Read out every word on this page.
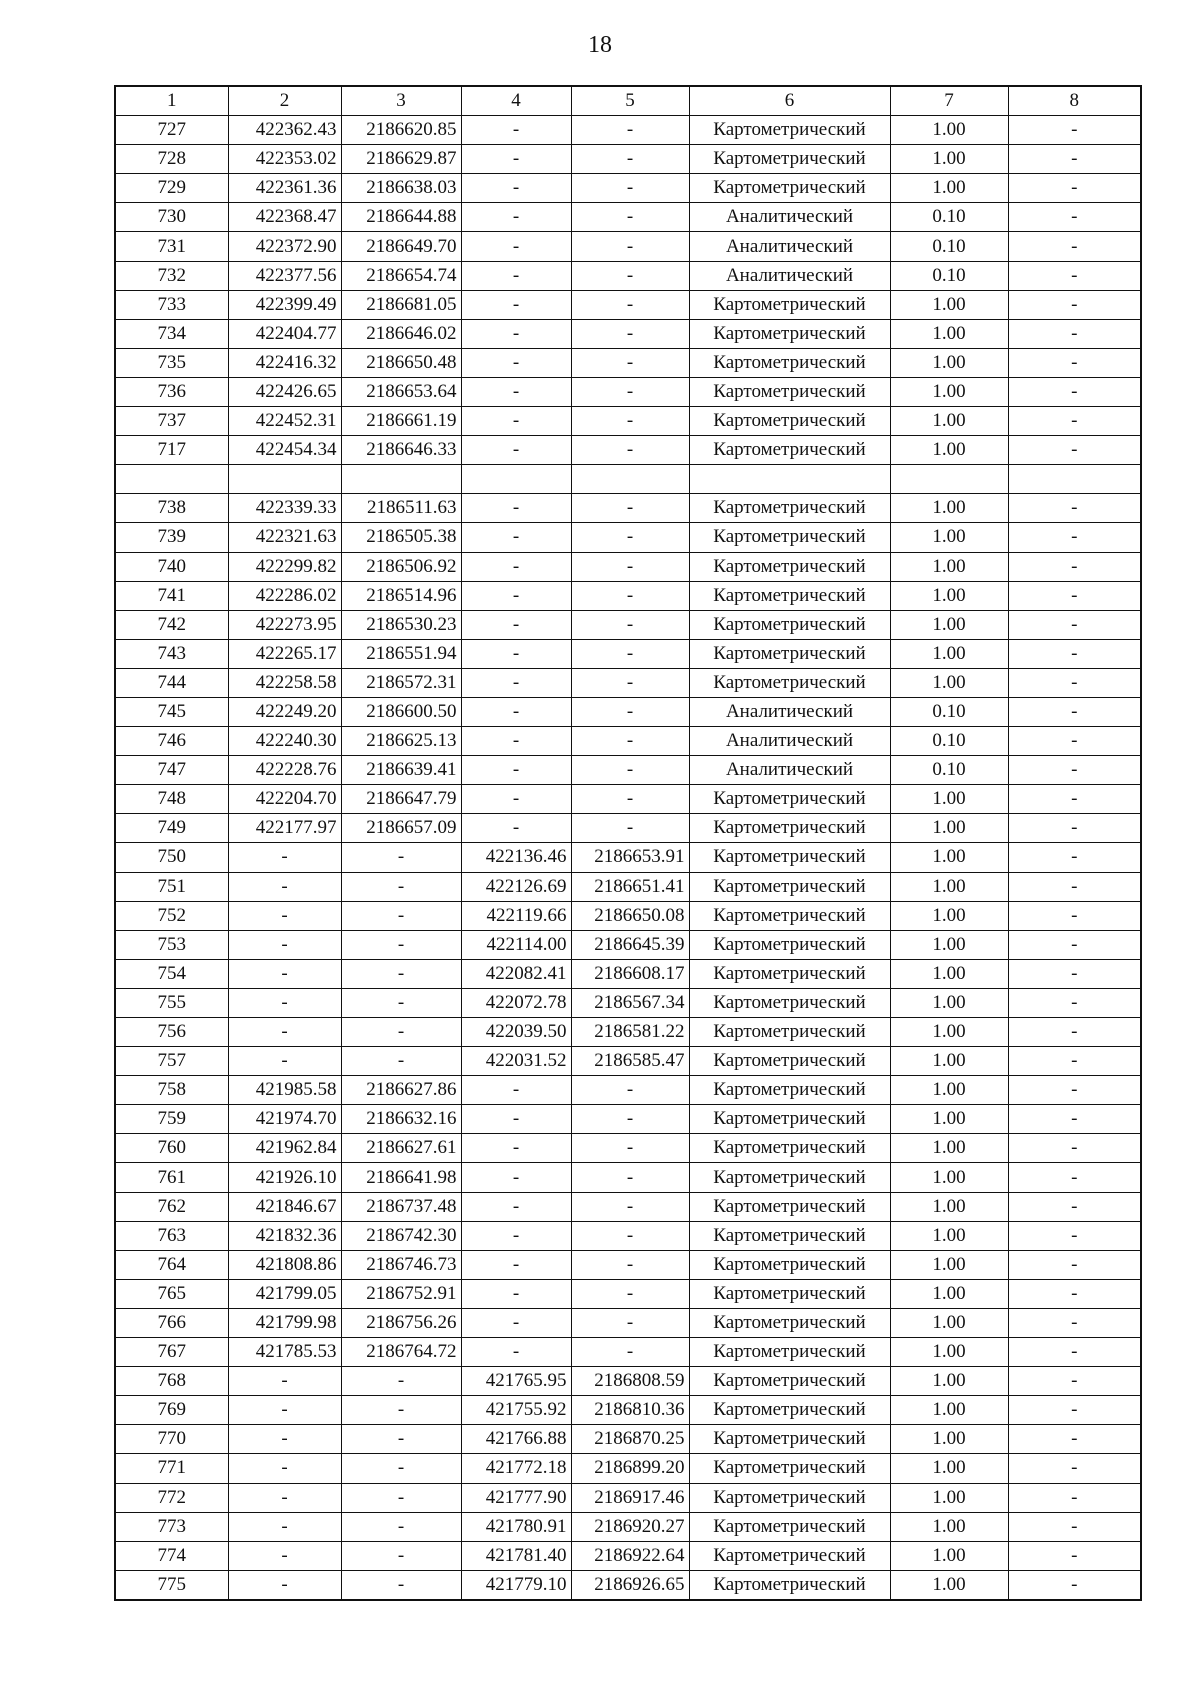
18
1	2	3	4	5	6	7	8
727	422362.43	2186620.85	-	-	Картометрический	1.00	-
728	422353.02	2186629.87	-	-	Картометрический	1.00	-
729	422361.36	2186638.03	-	-	Картометрический	1.00	-
730	422368.47	2186644.88	-	-	Аналитический	0.10	-
731	422372.90	2186649.70	-	-	Аналитический	0.10	-
732	422377.56	2186654.74	-	-	Аналитический	0.10	-
733	422399.49	2186681.05	-	-	Картометрический	1.00	-
734	422404.77	2186646.02	-	-	Картометрический	1.00	-
735	422416.32	2186650.48	-	-	Картометрический	1.00	-
736	422426.65	2186653.64	-	-	Картометрический	1.00	-
737	422452.31	2186661.19	-	-	Картометрический	1.00	-
717	422454.34	2186646.33	-	-	Картометрический	1.00	-

738	422339.33	2186511.63	-	-	Картометрический	1.00	-
739	422321.63	2186505.38	-	-	Картометрический	1.00	-
740	422299.82	2186506.92	-	-	Картометрический	1.00	-
741	422286.02	2186514.96	-	-	Картометрический	1.00	-
742	422273.95	2186530.23	-	-	Картометрический	1.00	-
743	422265.17	2186551.94	-	-	Картометрический	1.00	-
744	422258.58	2186572.31	-	-	Картометрический	1.00	-
745	422249.20	2186600.50	-	-	Аналитический	0.10	-
746	422240.30	2186625.13	-	-	Аналитический	0.10	-
747	422228.76	2186639.41	-	-	Аналитический	0.10	-
748	422204.70	2186647.79	-	-	Картометрический	1.00	-
749	422177.97	2186657.09	-	-	Картометрический	1.00	-
750	-	-	422136.46	2186653.91	Картометрический	1.00	-
751	-	-	422126.69	2186651.41	Картометрический	1.00	-
752	-	-	422119.66	2186650.08	Картометрический	1.00	-
753	-	-	422114.00	2186645.39	Картометрический	1.00	-
754	-	-	422082.41	2186608.17	Картометрический	1.00	-
755	-	-	422072.78	2186567.34	Картометрический	1.00	-
756	-	-	422039.50	2186581.22	Картометрический	1.00	-
757	-	-	422031.52	2186585.47	Картометрический	1.00	-
758	421985.58	2186627.86	-	-	Картометрический	1.00	-
759	421974.70	2186632.16	-	-	Картометрический	1.00	-
760	421962.84	2186627.61	-	-	Картометрический	1.00	-
761	421926.10	2186641.98	-	-	Картометрический	1.00	-
762	421846.67	2186737.48	-	-	Картометрический	1.00	-
763	421832.36	2186742.30	-	-	Картометрический	1.00	-
764	421808.86	2186746.73	-	-	Картометрический	1.00	-
765	421799.05	2186752.91	-	-	Картометрический	1.00	-
766	421799.98	2186756.26	-	-	Картометрический	1.00	-
767	421785.53	2186764.72	-	-	Картометрический	1.00	-
768	-	-	421765.95	2186808.59	Картометрический	1.00	-
769	-	-	421755.92	2186810.36	Картометрический	1.00	-
770	-	-	421766.88	2186870.25	Картометрический	1.00	-
771	-	-	421772.18	2186899.20	Картометрический	1.00	-
772	-	-	421777.90	2186917.46	Картометрический	1.00	-
773	-	-	421780.91	2186920.27	Картометрический	1.00	-
774	-	-	421781.40	2186922.64	Картометрический	1.00	-
775	-	-	421779.10	2186926.65	Картометрический	1.00	-
